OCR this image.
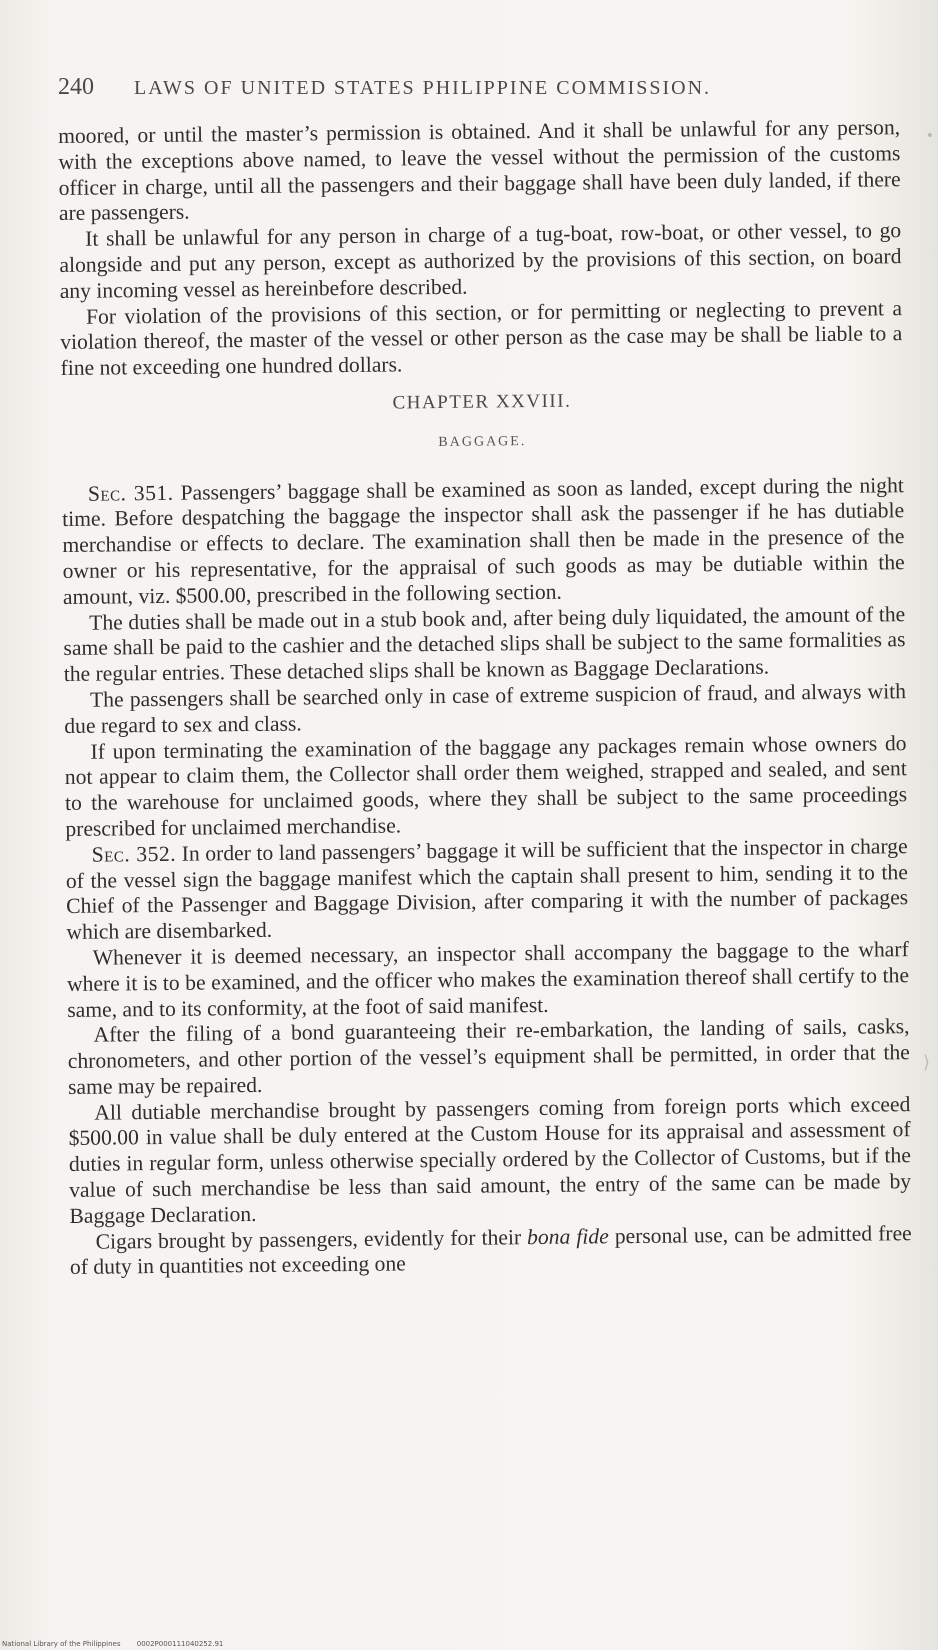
240 LAWS OF UNITED STATES PHILIPPINE COMMISSION.

moored, or until the master’s permission is obtained. And it shall be unlawful for any person, with the exceptions above named, to leave the vessel without the permission of the customs officer in charge, until all the passengers and their baggage shall have been duly landed, if there are passengers.

It shall be unlawful for any person in charge of a tug-boat, row-boat, or other vessel, to go alongside and put any person, except as authorized by the provisions of this section, on board any incoming vessel as hereinbefore described.

For violation of the provisions of this section, or for permitting or neglecting to prevent a violation thereof, the master of the vessel or other person as the case may be shall be liable to a fine not exceeding one hundred dollars.

CHAPTER XXVIII.
BAGGAGE.

Sec. 351. Passengers’ baggage shall be examined as soon as landed, except during the night time. Before despatching the baggage the inspector shall ask the passenger if he has dutiable merchandise or effects to declare. The examination shall then be made in the presence of the owner or his representative, for the appraisal of such goods as may be dutiable within the amount, viz. $500.00, prescribed in the following section.

The duties shall be made out in a stub book and, after being duly liquidated, the amount of the same shall be paid to the cashier and the detached slips shall be subject to the same formalities as the regular entries. These detached slips shall be known as Baggage Declarations.

The passengers shall be searched only in case of extreme suspicion of fraud, and always with due regard to sex and class.

If upon terminating the examination of the baggage any packages remain whose owners do not appear to claim them, the Collector shall order them weighed, strapped and sealed, and sent to the warehouse for unclaimed goods, where they shall be subject to the same proceedings prescribed for unclaimed merchandise.

Sec. 352. In order to land passengers’ baggage it will be sufficient that the inspector in charge of the vessel sign the baggage manifest which the captain shall present to him, sending it to the Chief of the Passenger and Baggage Division, after comparing it with the number of packages which are disembarked.

Whenever it is deemed necessary, an inspector shall accompany the baggage to the wharf where it is to be examined, and the officer who makes the examination thereof shall certify to the same, and to its conformity, at the foot of said manifest.

After the filing of a bond guaranteeing their re-embarkation, the landing of sails, casks, chronometers, and other portion of the vessel’s equipment shall be permitted, in order that the same may be repaired.

All dutiable merchandise brought by passengers coming from foreign ports which exceed $500.00 in value shall be duly entered at the Custom House for its appraisal and assessment of duties in regular form, unless otherwise specially ordered by the Collector of Customs, but if the value of such merchandise be less than said amount, the entry of the same can be made by Baggage Declaration.

Cigars brought by passengers, evidently for their bona fide personal use, can be admitted free of duty in quantities not exceeding one

•
⟩
National Library of the Philippines 0002P000111040252.91
